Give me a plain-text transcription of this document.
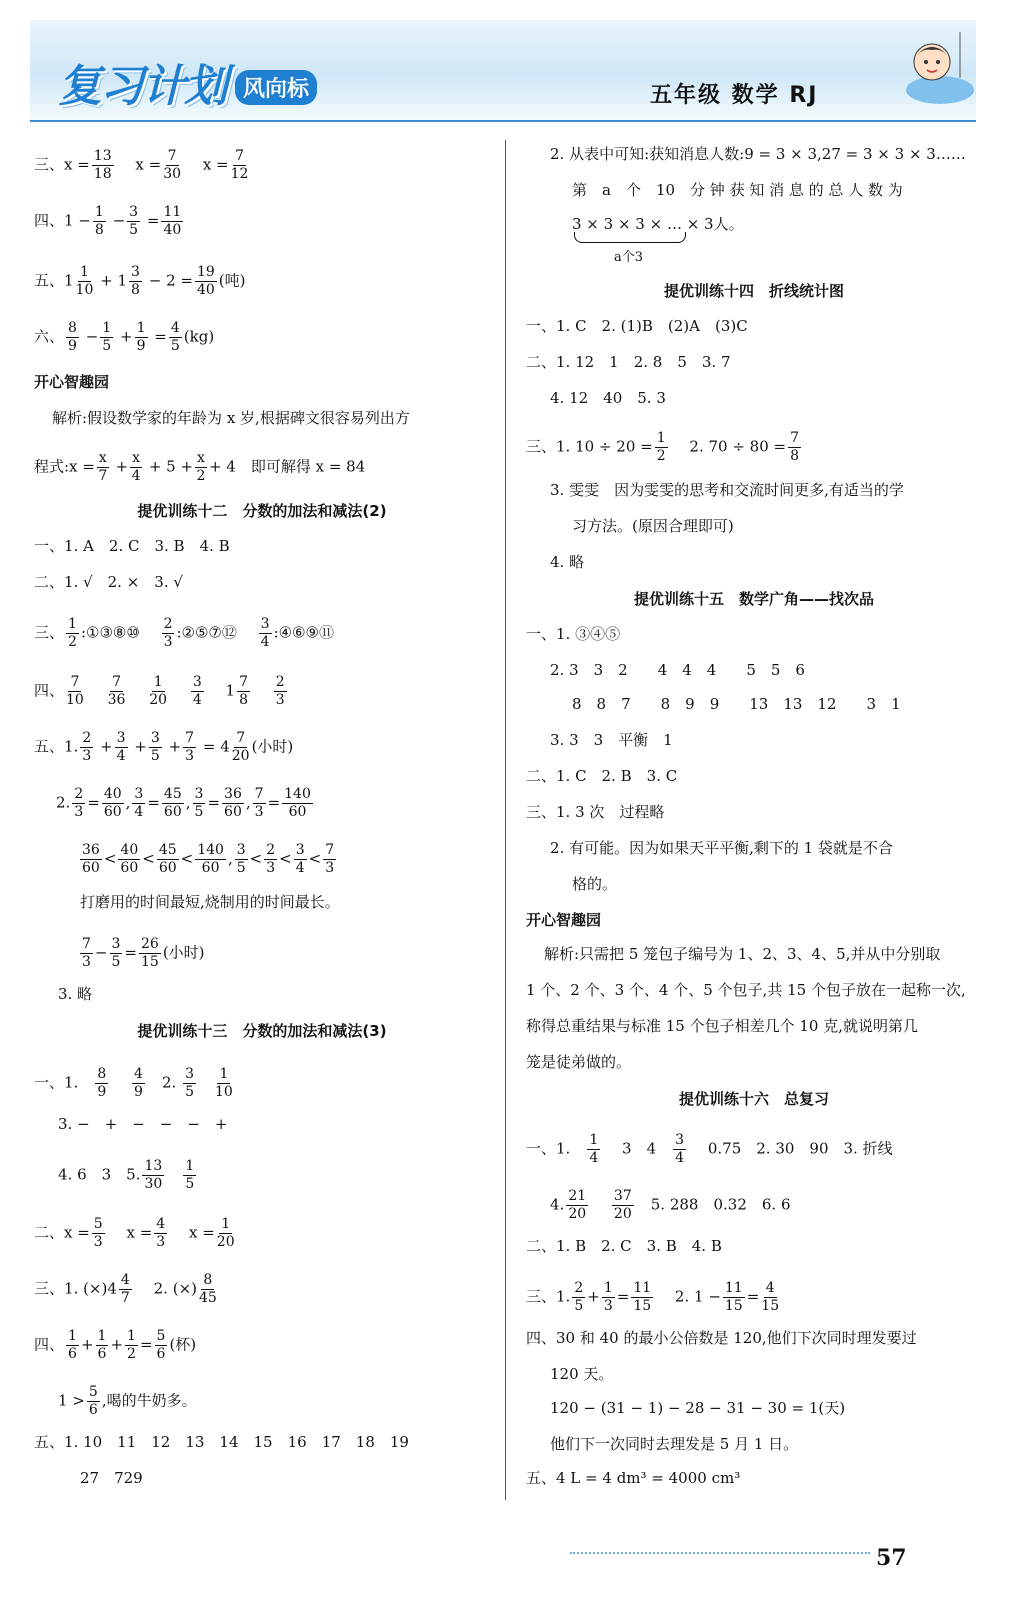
复习计划 风向标	五年级 数学 RJ
三、$x = \frac{13}{18}$
　 $x = \frac{7}{30}$
　 $x = \frac{7}{12}$
四、$1 - \frac{1}{8} - \frac{3}{5} = \frac{11}{40}$
五、$1 \frac{1}{10} + 1 \frac{3}{8} - 2 = \frac{19}{40}$ (吨)
六、 $\frac{8}{9} - \frac{1}{5} + \frac{1}{9} = \frac{4}{5} (kg)$
开心智趣园
解析:假设数学家的年龄为 x 岁,根据碑文很容易列出方
程式:x = $\frac{x}{7} + \frac{x}{4} + 5 + \frac{x}{2} + 4$　即可解得 x = 84
提优训练十二　分数的加法和减法(2)
一、1. A　2. C　3. B　4. B
二、1. √　2. ×　3. √
三、 $\frac{1}{2}$ :①③⑧⑩　 $\frac{2}{3}$ :②⑤⑦⑫　 $\frac{3}{4}$ :④⑥⑨⑪
四、 $\frac{7}{10}$
　 $\frac{7}{36}$
　 $\frac{1}{20}$
　 $\frac{3}{4}$
　 $1 \frac{7}{8}$
　 $\frac{2}{3}$
五、1. $\frac{2}{3} + \frac{3}{4} + \frac{3}{5} + \frac{7}{3} = 4 \frac{7}{20}$ (小时)
2. $\frac{2}{3} = \frac{40}{60}$ , $\frac{3}{4} = \frac{45}{60}$ , $\frac{3}{5} = \frac{36}{60}$ , $\frac{7}{3} = \frac{140}{60}$
$\frac{36}{60} < \frac{40}{60} < \frac{45}{60} < \frac{140}{60}$ , $\frac{3}{5} < \frac{2}{3} < \frac{3}{4} < \frac{7}{3}$
打磨用的时间最短,烧制用的时间最长。
$\frac{7}{3} - \frac{3}{5} = \frac{26}{15}$ (小时)
3. 略
提优训练十三　分数的加法和减法(3)
一、1.　 $\frac{8}{9}$
　 $\frac{4}{9}$
　 2. $\frac{3}{5}$
　 $\frac{1}{10}$
3. −　+　−　−　−　+
4. 6　3　5. $\frac{13}{30}$
　 $\frac{1}{5}$
二、$x = \frac{5}{3}$
　 $x = \frac{4}{3}$
　 $x = \frac{1}{20}$
三、1. $(\times)4 \frac{4}{7}$
　 2. (×) $\frac{8}{45}$
四、 $\frac{1}{6} + \frac{1}{6} + \frac{1}{2} = \frac{5}{6}$ (杯)
$1 > \frac{5}{6}$ ,喝的牛奶多。
五、1. 10　11　12　13　14　15　16　17　18　19
27　729
2. 从表中可知:获知消息人数:9 = 3 × 3,27 = 3 × 3 × 3……
第　a　个　10　分 钟 获 知 消 息 的 总 人 数 为
3 × 3 × 3 × … × 3人。
a个3
提优训练十四　折线统计图
一、1. C　2. (1)B　(2)A　(3)C
二、1. 12　1　2. 8　5　3. 7
4. 12　40　5. 3
三、1. $10 \div 20 = \frac{1}{2}$
　 2. $70 \div 80 = \frac{7}{8}$
3. 雯雯　因为雯雯的思考和交流时间更多,有适当的学
习方法。(原因合理即可)
4. 略
提优训练十五　数学广角——找次品
一、1. ③④⑤
2. 3　3　2　　4　4　4　　5　5　6
8　8　7　　8　9　9　　13　13　12　　3　1
3. 3　3　平衡　1
二、1. C　2. B　3. C
三、1. 3 次　过程略
2. 有可能。因为如果天平平衡,剩下的 1 袋就是不合
格的。
开心智趣园
解析:只需把 5 笼包子编号为 1、2、3、4、5,并从中分别取
1 个、2 个、3 个、4 个、5 个包子,共 15 个包子放在一起称一次,
称得总重结果与标准 15 个包子相差几个 10 克,就说明第几
笼是徒弟做的。
提优训练十六　总复习
一、1.　 $\frac{1}{4}$
　 3　4　 $\frac{3}{4}$
　 0.75　2. 30　90　3. 折线
4. $\frac{21}{20}$
　 $\frac{37}{20}$
　 5. 288　0.32　6. 6
二、1. B　2. C　3. B　4. B
三、1. $\frac{2}{5} + \frac{1}{3} = \frac{11}{15}$
　 2. $1 - \frac{11}{15} = \frac{4}{15}$
四、30 和 40 的最小公倍数是 120,他们下次同时理发要过
120 天。
120 − (31 − 1) − 28 − 31 − 30 = 1(天)
他们下一次同时去理发是 5 月 1 日。
五、4 L = 4 dm³ = 4000 cm³
57
